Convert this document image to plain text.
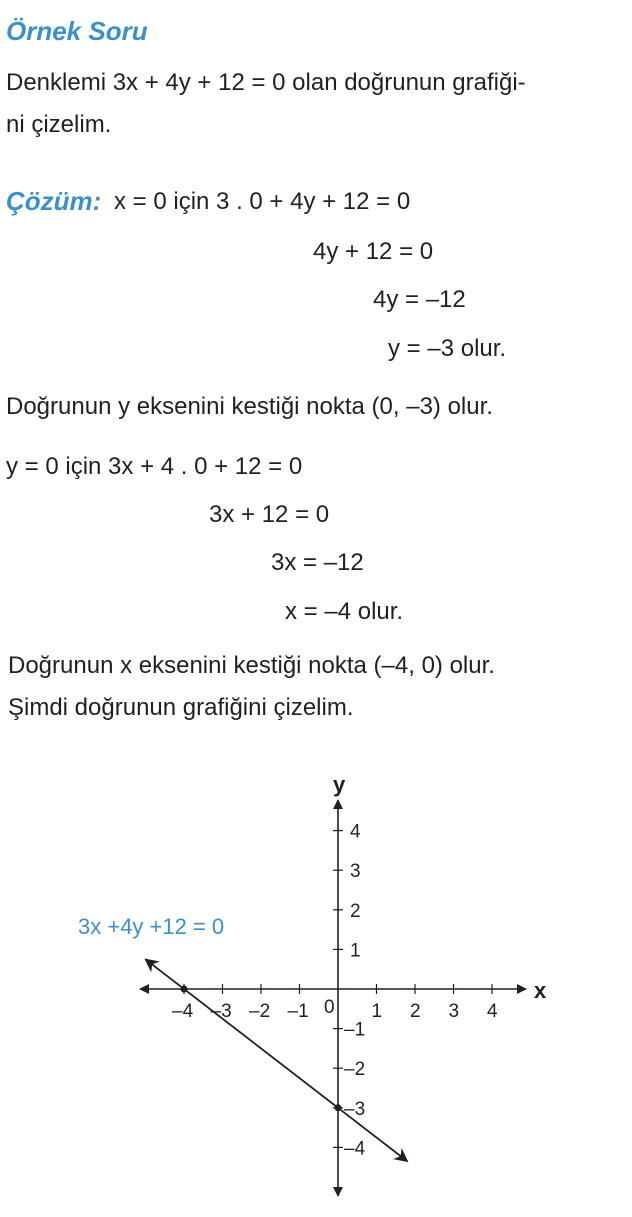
Örnek Soru
Denklemi 3x + 4y + 12 = 0 olan doğrunun grafiği-
ni çizelim.
Çözüm: x = 0 için 3 . 0 + 4y + 12 = 0
4y + 12 = 0
4y = –12
y = –3 olur.
Doğrunun y eksenini kestiği nokta (0, –3) olur.
y = 0 için 3x + 4 . 0 + 12 = 0
3x + 12 = 0
3x = –12
x = –4 olur.
Doğrunun x eksenini kestiği nokta (–4, 0) olur.
Şimdi doğrunun grafiğini çizelim.
x
y
0
–4 –3 –2 –1	1 2 3 4
4
3
2
1
–1
–2
–3
–4
3x +4y +12 = 0
